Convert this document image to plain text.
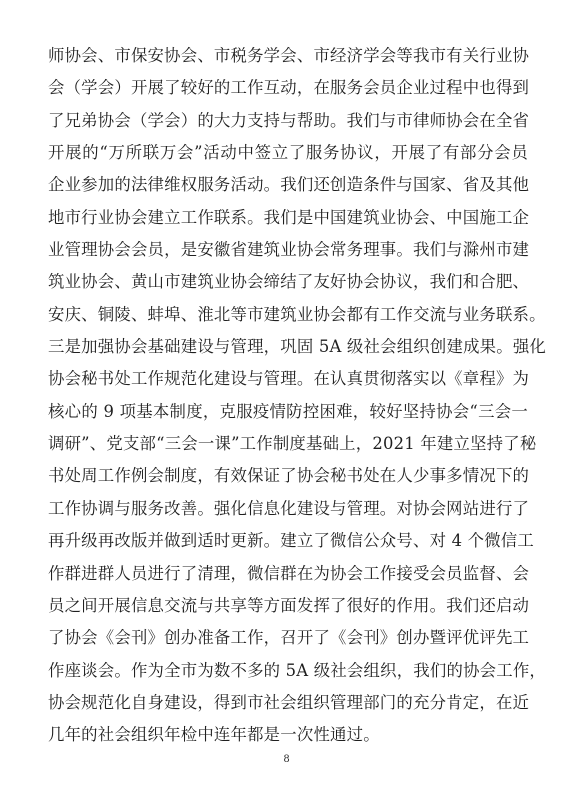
师协会、市保安协会、市税务学会、市经济学会等我市有关行业协
会（学会）开展了较好的工作互动，在服务会员企业过程中也得到
了兄弟协会（学会）的大力支持与帮助。我们与市律师协会在全省
开展的“万所联万会”活动中签立了服务协议，开展了有部分会员
企业参加的法律维权服务活动。我们还创造条件与国家、省及其他
地市行业协会建立工作联系。我们是中国建筑业协会、中国施工企
业管理协会会员，是安徽省建筑业协会常务理事。我们与滁州市建
筑业协会、黄山市建筑业协会缔结了友好协会协议，我们和合肥、
安庆、铜陵、蚌埠、淮北等市建筑业协会都有工作交流与业务联系。
三是加强协会基础建设与管理，巩固 5A 级社会组织创建成果。强化
协会秘书处工作规范化建设与管理。在认真贯彻落实以《章程》为
核心的 9 项基本制度，克服疫情防控困难，较好坚持协会“三会一
调研”、党支部“三会一课”工作制度基础上，2021 年建立坚持了秘
书处周工作例会制度，有效保证了协会秘书处在人少事多情况下的
工作协调与服务改善。强化信息化建设与管理。对协会网站进行了
再升级再改版并做到适时更新。建立了微信公众号、对 4 个微信工
作群进群人员进行了清理，微信群在为协会工作接受会员监督、会
员之间开展信息交流与共享等方面发挥了很好的作用。我们还启动
了协会《会刊》创办准备工作，召开了《会刊》创办暨评优评先工
作座谈会。作为全市为数不多的 5A 级社会组织，我们的协会工作，
协会规范化自身建设，得到市社会组织管理部门的充分肯定，在近
几年的社会组织年检中连年都是一次性通过。
8
